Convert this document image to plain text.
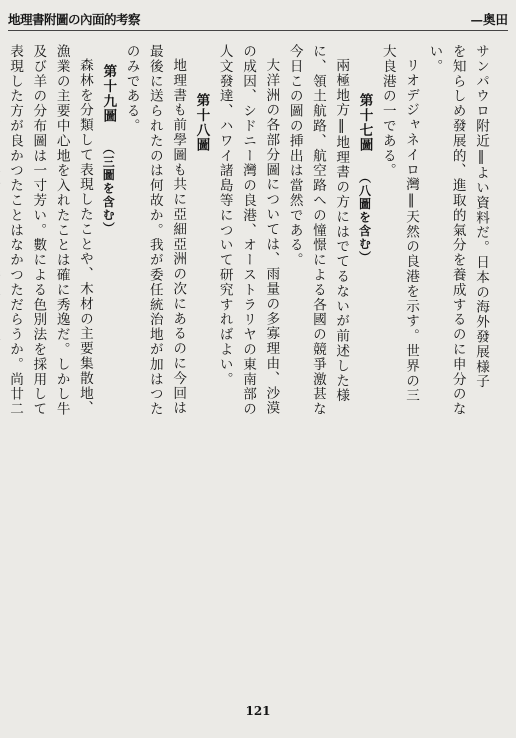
地理書附圖の內面的考察	—奥田

サンパウロ附近‖よい資料だ。日本の海外發展様子

を知らしめ發展的、進取的氣分を養成するのに申分のな

い。

リオデジャネイロ灣‖天然の良港を示す。世界の三

大良港の一である。

第十七圖（八圖を含む）

兩極地方‖地理書の方にはでてるないが前述した様

に、領土航路、航空路への憧憬による各國の競爭激甚な

今日この圖の挿出は當然である。

大洋洲の各部分圖については、雨量の多寡理由、沙漠

の成因、シドニー灣の良港、オーストラリヤの東南部の

人文發達、ハワイ諸島等について研究すればよい。

第十八圖

地理書も前學圖も共に亞細亞洲の次にあるのに今回は

最後に送られたのは何故か。我が委任統治地が加はつた

のみである。

第十九圖（三圖を含む）

森林を分類して表現したことや、木材の主要集散地、

漁業の主要中心地を入れたことは確に秀逸だ。しかし牛

及び羊の分布圖は一寸芳い。數による色別法を採用して

表現した方が良かつたことはなかつただらうか。尚廿二

121
